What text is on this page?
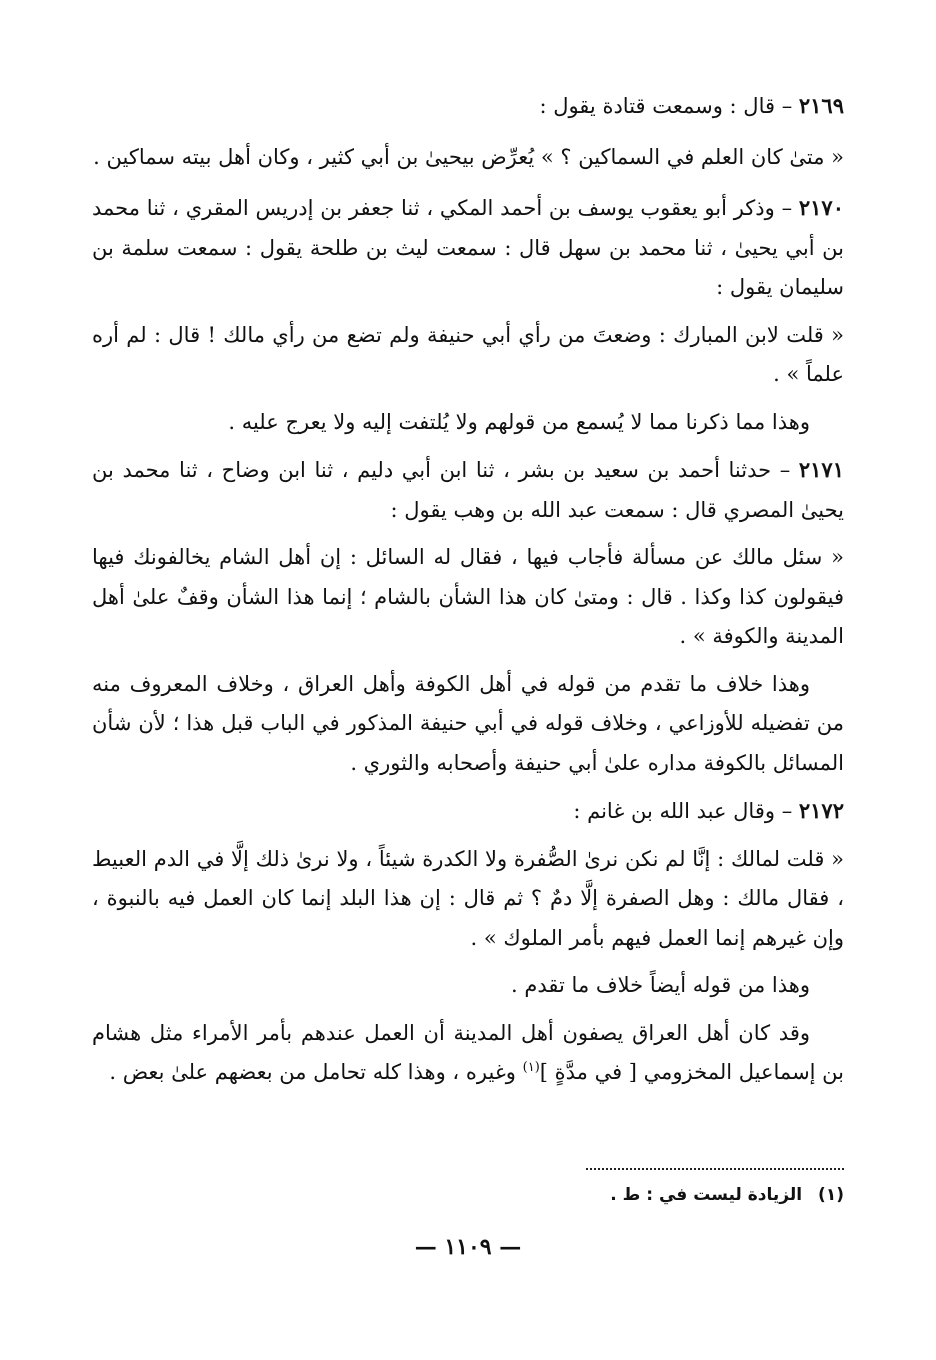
٢١٦٩ – قال : وسمعت قتادة يقول :

« متىٰ كان العلم في السماكين ؟ » يُعرِّض بيحيىٰ بن أبي كثير ، وكان أهل بيته سماكين .

٢١٧٠ – وذكر أبو يعقوب يوسف بن أحمد المكي ، ثنا جعفر بن إدريس المقري ، ثنا محمد بن أبي يحيىٰ ، ثنا محمد بن سهل قال : سمعت ليث بن طلحة يقول : سمعت سلمة بن سليمان يقول :

« قلت لابن المبارك : وضعتَ من رأي أبي حنيفة ولم تضع من رأي مالك ! قال : لم أره علماً » .

وهذا مما ذكرنا مما لا يُسمع من قولهم ولا يُلتفت إليه ولا يعرج عليه .

٢١٧١ – حدثنا أحمد بن سعيد بن بشر ، ثنا ابن أبي دليم ، ثنا ابن وضاح ، ثنا محمد بن يحيىٰ المصري قال : سمعت عبد الله بن وهب يقول :

« سئل مالك عن مسألة فأجاب فيها ، فقال له السائل : إن أهل الشام يخالفونك فيها فيقولون كذا وكذا . قال : ومتىٰ كان هذا الشأن بالشام ؛ إنما هذا الشأن وقفٌ علىٰ أهل المدينة والكوفة » .

وهذا خلاف ما تقدم من قوله في أهل الكوفة وأهل العراق ، وخلاف المعروف منه من تفضيله للأوزاعي ، وخلاف قوله في أبي حنيفة المذكور في الباب قبل هذا ؛ لأن شأن المسائل بالكوفة مداره علىٰ أبي حنيفة وأصحابه والثوري .

٢١٧٢ – وقال عبد الله بن غانم :

« قلت لمالك : إنَّا لم نكن نرىٰ الصُّفرة ولا الكدرة شيئاً ، ولا نرىٰ ذلك إلَّا في الدم العبيط ، فقال مالك : وهل الصفرة إلَّا دمٌ ؟ ثم قال : إن هذا البلد إنما كان العمل فيه بالنبوة ، وإن غيرهم إنما العمل فيهم بأمر الملوك » .

وهذا من قوله أيضاً خلاف ما تقدم .

وقد كان أهل العراق يصفون أهل المدينة أن العمل عندهم بأمر الأمراء مثل هشام بن إسماعيل المخزومي [ في مدَّةٍ ]$^{(١)}$ وغيره ، وهذا كله تحامل من بعضهم علىٰ بعض .

(١)الزيادة ليست في : ط .
— ١١٠٩ —
